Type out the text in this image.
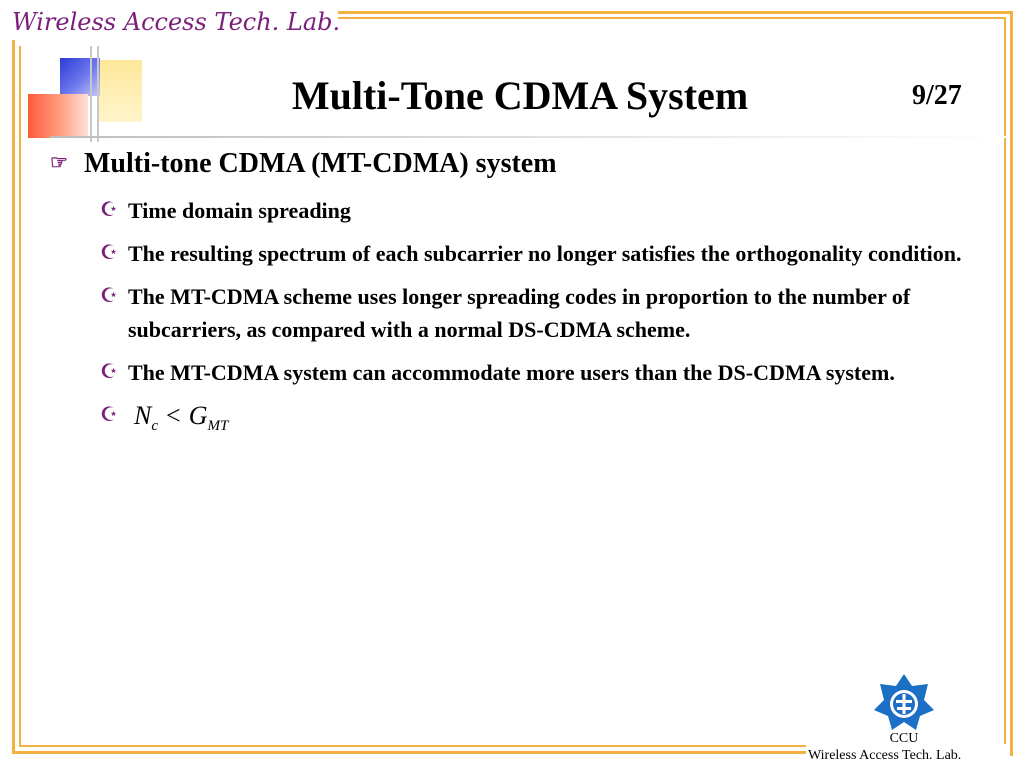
Wireless Access Tech. Lab.
Multi-Tone CDMA System	9/27
☞ Multi-tone CDMA (MT-CDMA) system
☪ Time domain spreading
☪ The resulting spectrum of each subcarrier no longer satisfies the orthogonality condition.
☪ The MT-CDMA scheme uses longer spreading codes in proportion to the number of subcarriers, as compared with a normal DS-CDMA scheme.
☪ The MT-CDMA system can accommodate more users than the DS-CDMA system.
☪ $N_c < G_{MT}$
CCU
Wireless Access Tech. Lab.
